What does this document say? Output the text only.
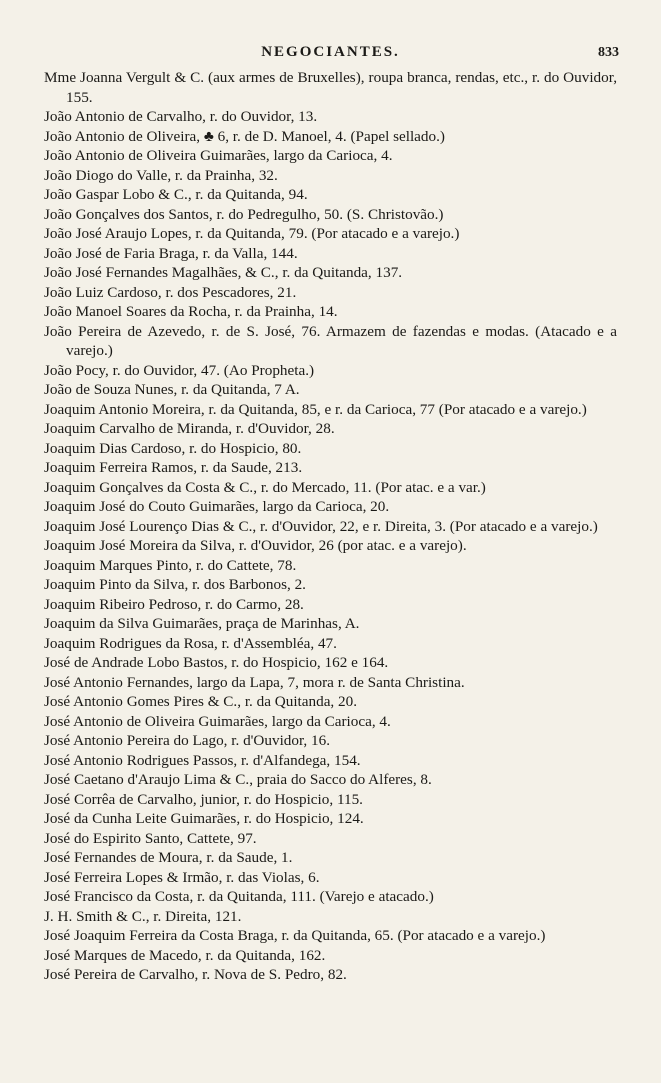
NEGOCIANTES.	833
Mme Joanna Vergult & C. (aux armes de Bruxelles), roupa branca, rendas, etc., r. do Ouvidor, 155.
João Antonio de Carvalho, r. do Ouvidor, 13.
João Antonio de Oliveira, ♣ 6, r. de D. Manoel, 4. (Papel sellado.)
João Antonio de Oliveira Guimarães, largo da Carioca, 4.
João Diogo do Valle, r. da Prainha, 32.
João Gaspar Lobo & C., r. da Quitanda, 94.
João Gonçalves dos Santos, r. do Pedregulho, 50. (S. Christovão.)
João José Araujo Lopes, r. da Quitanda, 79. (Por atacado e a varejo.)
João José de Faria Braga, r. da Valla, 144.
João José Fernandes Magalhães, & C., r. da Quitanda, 137.
João Luiz Cardoso, r. dos Pescadores, 21.
João Manoel Soares da Rocha, r. da Prainha, 14.
João Pereira de Azevedo, r. de S. José, 76. Armazem de fazendas e modas. (Atacado e a varejo.)
João Pocy, r. do Ouvidor, 47. (Ao Propheta.)
João de Souza Nunes, r. da Quitanda, 7 A.
Joaquim Antonio Moreira, r. da Quitanda, 85, e r. da Carioca, 77 (Por atacado e a varejo.)
Joaquim Carvalho de Miranda, r. d'Ouvidor, 28.
Joaquim Dias Cardoso, r. do Hospicio, 80.
Joaquim Ferreira Ramos, r. da Saude, 213.
Joaquim Gonçalves da Costa & C., r. do Mercado, 11. (Por atac. e a var.)
Joaquim José do Couto Guimarães, largo da Carioca, 20.
Joaquim José Lourenço Dias & C., r. d'Ouvidor, 22, e r. Direita, 3. (Por atacado e a varejo.)
Joaquim José Moreira da Silva, r. d'Ouvidor, 26 (por atac. e a varejo).
Joaquim Marques Pinto, r. do Cattete, 78.
Joaquim Pinto da Silva, r. dos Barbonos, 2.
Joaquim Ribeiro Pedroso, r. do Carmo, 28.
Joaquim da Silva Guimarães, praça de Marinhas, A.
Joaquim Rodrigues da Rosa, r. d'Assembléa, 47.
José de Andrade Lobo Bastos, r. do Hospicio, 162 e 164.
José Antonio Fernandes, largo da Lapa, 7, mora r. de Santa Christina.
José Antonio Gomes Pires & C., r. da Quitanda, 20.
José Antonio de Oliveira Guimarães, largo da Carioca, 4.
José Antonio Pereira do Lago, r. d'Ouvidor, 16.
José Antonio Rodrigues Passos, r. d'Alfandega, 154.
José Caetano d'Araujo Lima & C., praia do Sacco do Alferes, 8.
José Corrêa de Carvalho, junior, r. do Hospicio, 115.
José da Cunha Leite Guimarães, r. do Hospicio, 124.
José do Espirito Santo, Cattete, 97.
José Fernandes de Moura, r. da Saude, 1.
José Ferreira Lopes & Irmão, r. das Violas, 6.
José Francisco da Costa, r. da Quitanda, 111. (Varejo e atacado.)
J. H. Smith & C., r. Direita, 121.
José Joaquim Ferreira da Costa Braga, r. da Quitanda, 65. (Por atacado e a varejo.)
José Marques de Macedo, r. da Quitanda, 162.
José Pereira de Carvalho, r. Nova de S. Pedro, 82.
